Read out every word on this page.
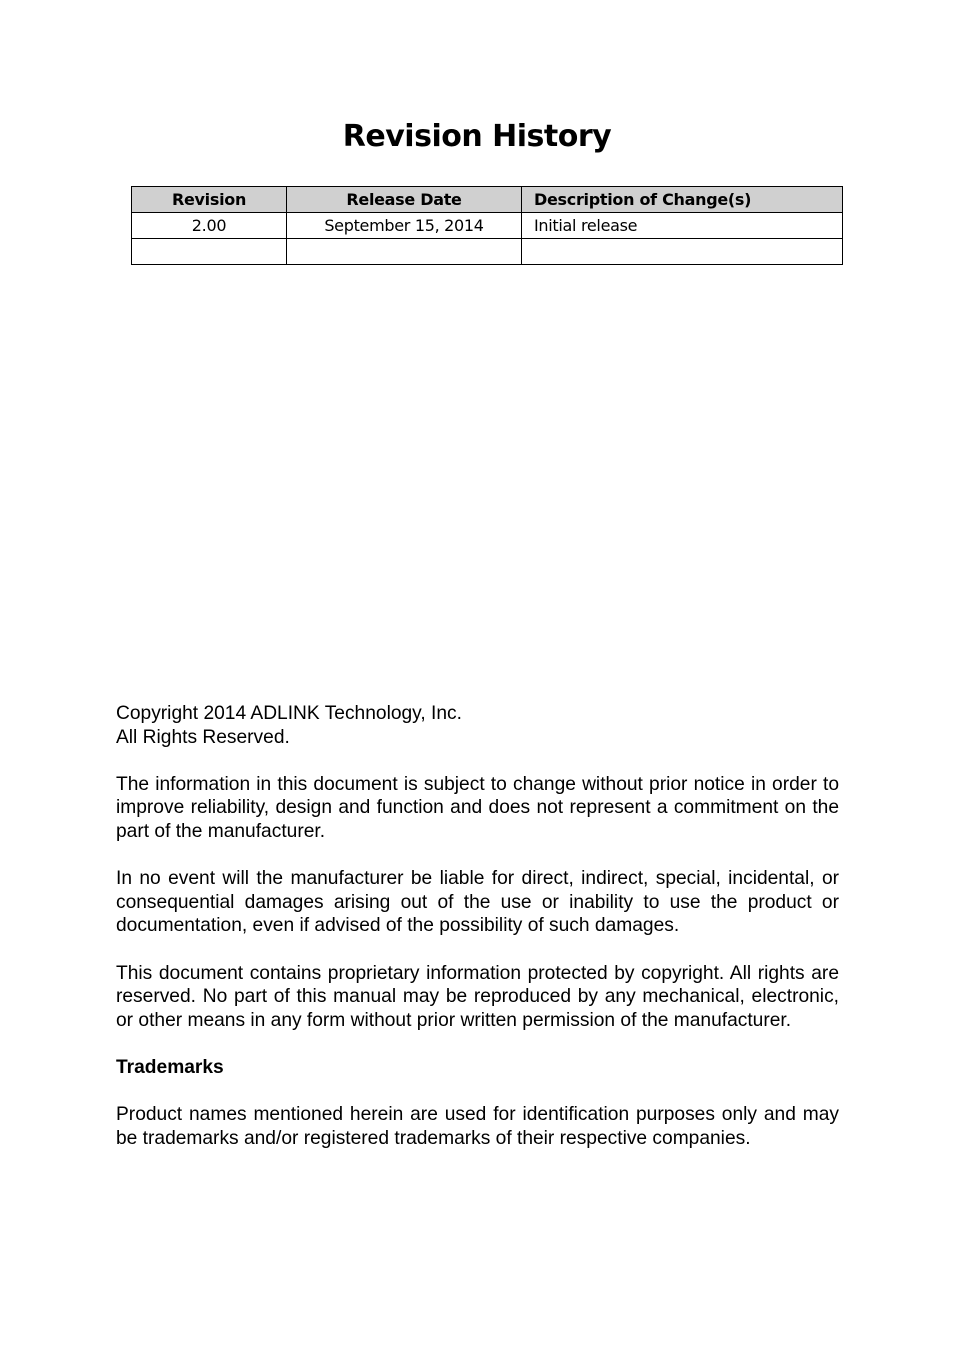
Revision History
Revision	Release Date	Description of Change(s)
2.00	September 15, 2014	Initial release

Copyright 2014 ADLINK Technology, Inc.
All Rights Reserved.

The information in this document is subject to change without prior notice in order to improve reliability, design and function and does not represent a commitment on the part of the manufacturer.

In no event will the manufacturer be liable for direct, indirect, special, incidental, or consequential damages arising out of the use or inability to use the product or documentation, even if advised of the possibility of such damages.

This document contains proprietary information protected by copyright. All rights are reserved. No part of this manual may be reproduced by any mechanical, electronic, or other means in any form without prior written permission of the manufacturer.

Trademarks

Product names mentioned herein are used for identification purposes only and may be trademarks and/or registered trademarks of their respective companies.
